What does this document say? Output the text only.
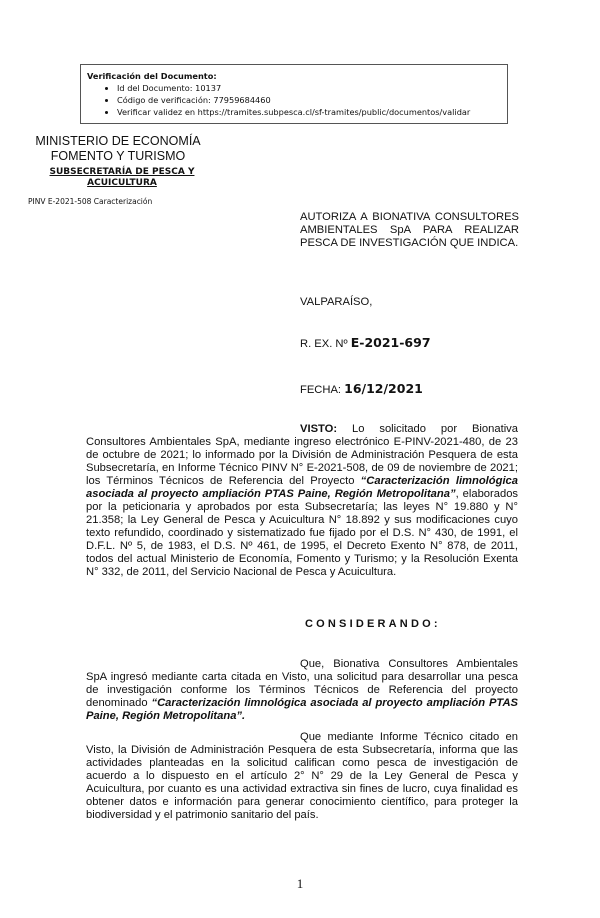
Verificación del Documento:
• Id del Documento: 10137
• Código de verificación: 77959684460
• Verificar validez en https://tramites.subpesca.cl/sf-tramites/public/documentos/validar
MINISTERIO DE ECONOMÍA
FOMENTO Y TURISMO
SUBSECRETARÍA DE PESCA Y
ACUICULTURA
PINV E-2021-508 Caracterización
AUTORIZA A BIONATIVA CONSULTORES AMBIENTALES SpA PARA REALIZAR PESCA DE INVESTIGACIÓN QUE INDICA.
VALPARAÍSO,
R. EX. Nº E-2021-697
FECHA: 16/12/2021
VISTO: Lo solicitado por Bionativa Consultores Ambientales SpA, mediante ingreso electrónico E-PINV-2021-480, de 23 de octubre de 2021; lo informado por la División de Administración Pesquera de esta Subsecretaría, en Informe Técnico PINV N° E-2021-508, de 09 de noviembre de 2021; los Términos Técnicos de Referencia del Proyecto “Caracterización limnológica asociada al proyecto ampliación PTAS Paine, Región Metropolitana”, elaborados por la peticionaria y aprobados por esta Subsecretaría; las leyes N° 19.880 y N° 21.358; la Ley General de Pesca y Acuicultura N° 18.892 y sus modificaciones cuyo texto refundido, coordinado y sistematizado fue fijado por el D.S. N° 430, de 1991, el D.F.L. Nº 5, de 1983, el D.S. Nº 461, de 1995, el Decreto Exento N° 878, de 2011, todos del actual Ministerio de Economía, Fomento y Turismo; y la Resolución Exenta N° 332, de 2011, del Servicio Nacional de Pesca y Acuicultura.
CONSIDERANDO:
Que, Bionativa Consultores Ambientales SpA ingresó mediante carta citada en Visto, una solicitud para desarrollar una pesca de investigación conforme los Términos Técnicos de Referencia del proyecto denominado “Caracterización limnológica asociada al proyecto ampliación PTAS Paine, Región Metropolitana”.
Que mediante Informe Técnico citado en Visto, la División de Administración Pesquera de esta Subsecretaría, informa que las actividades planteadas en la solicitud califican como pesca de investigación de acuerdo a lo dispuesto en el artículo 2° N° 29 de la Ley General de Pesca y Acuicultura, por cuanto es una actividad extractiva sin fines de lucro, cuya finalidad es obtener datos e información para generar conocimiento científico, para proteger la biodiversidad y el patrimonio sanitario del país.
1
